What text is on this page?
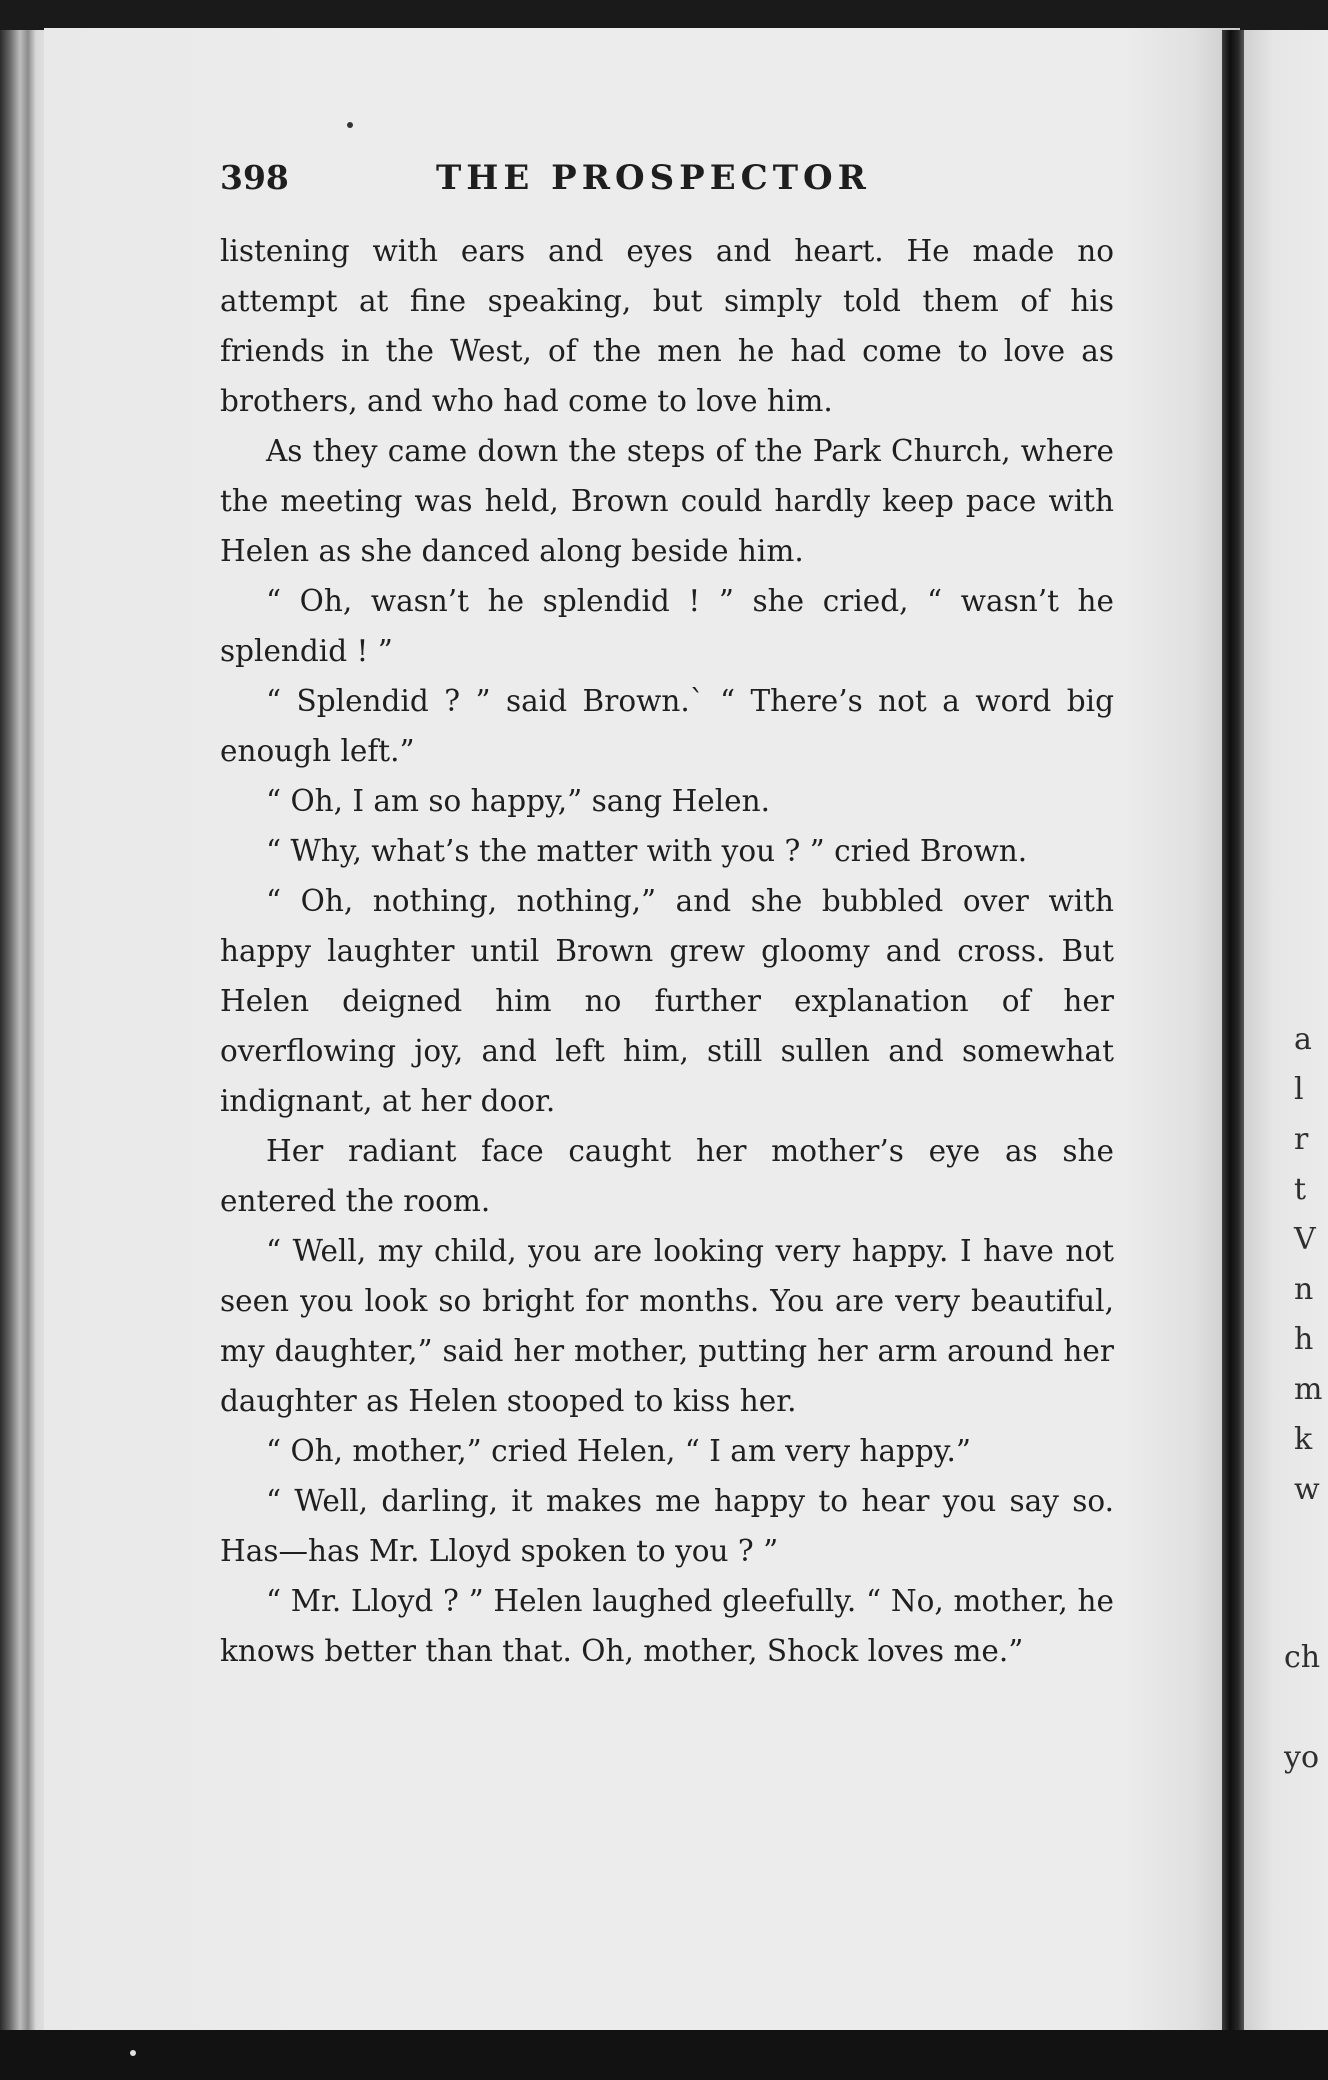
a
l
r
t
V
n
h
m
k
w
ch
yo
398	THE PROSPECTOR

listening with ears and eyes and heart. He made no attempt at fine speaking, but simply told them of his friends in the West, of the men he had come to love as brothers, and who had come to love him.

As they came down the steps of the Park Church, where the meeting was held, Brown could hardly keep pace with Helen as she danced along beside him.

“ Oh, wasn’t he splendid ! ” she cried, “ wasn’t he splendid ! ”

“ Splendid ? ” said Brown.` “ There’s not a word big enough left.”

“ Oh, I am so happy,” sang Helen.

“ Why, what’s the matter with you ? ” cried Brown.

“ Oh, nothing, nothing,” and she bubbled over with happy laughter until Brown grew gloomy and cross. But Helen deigned him no further explanation of her overflowing joy, and left him, still sullen and somewhat indignant, at her door.

Her radiant face caught her mother’s eye as she entered the room.

“ Well, my child, you are looking very happy. I have not seen you look so bright for months. You are very beautiful, my daughter,” said her mother, putting her arm around her daughter as Helen stooped to kiss her.

“ Oh, mother,” cried Helen, “ I am very happy.”

“ Well, darling, it makes me happy to hear you say so. Has—has Mr. Lloyd spoken to you ? ”

“ Mr. Lloyd ? ” Helen laughed gleefully. “ No, mother, he knows better than that. Oh, mother, Shock loves me.”
